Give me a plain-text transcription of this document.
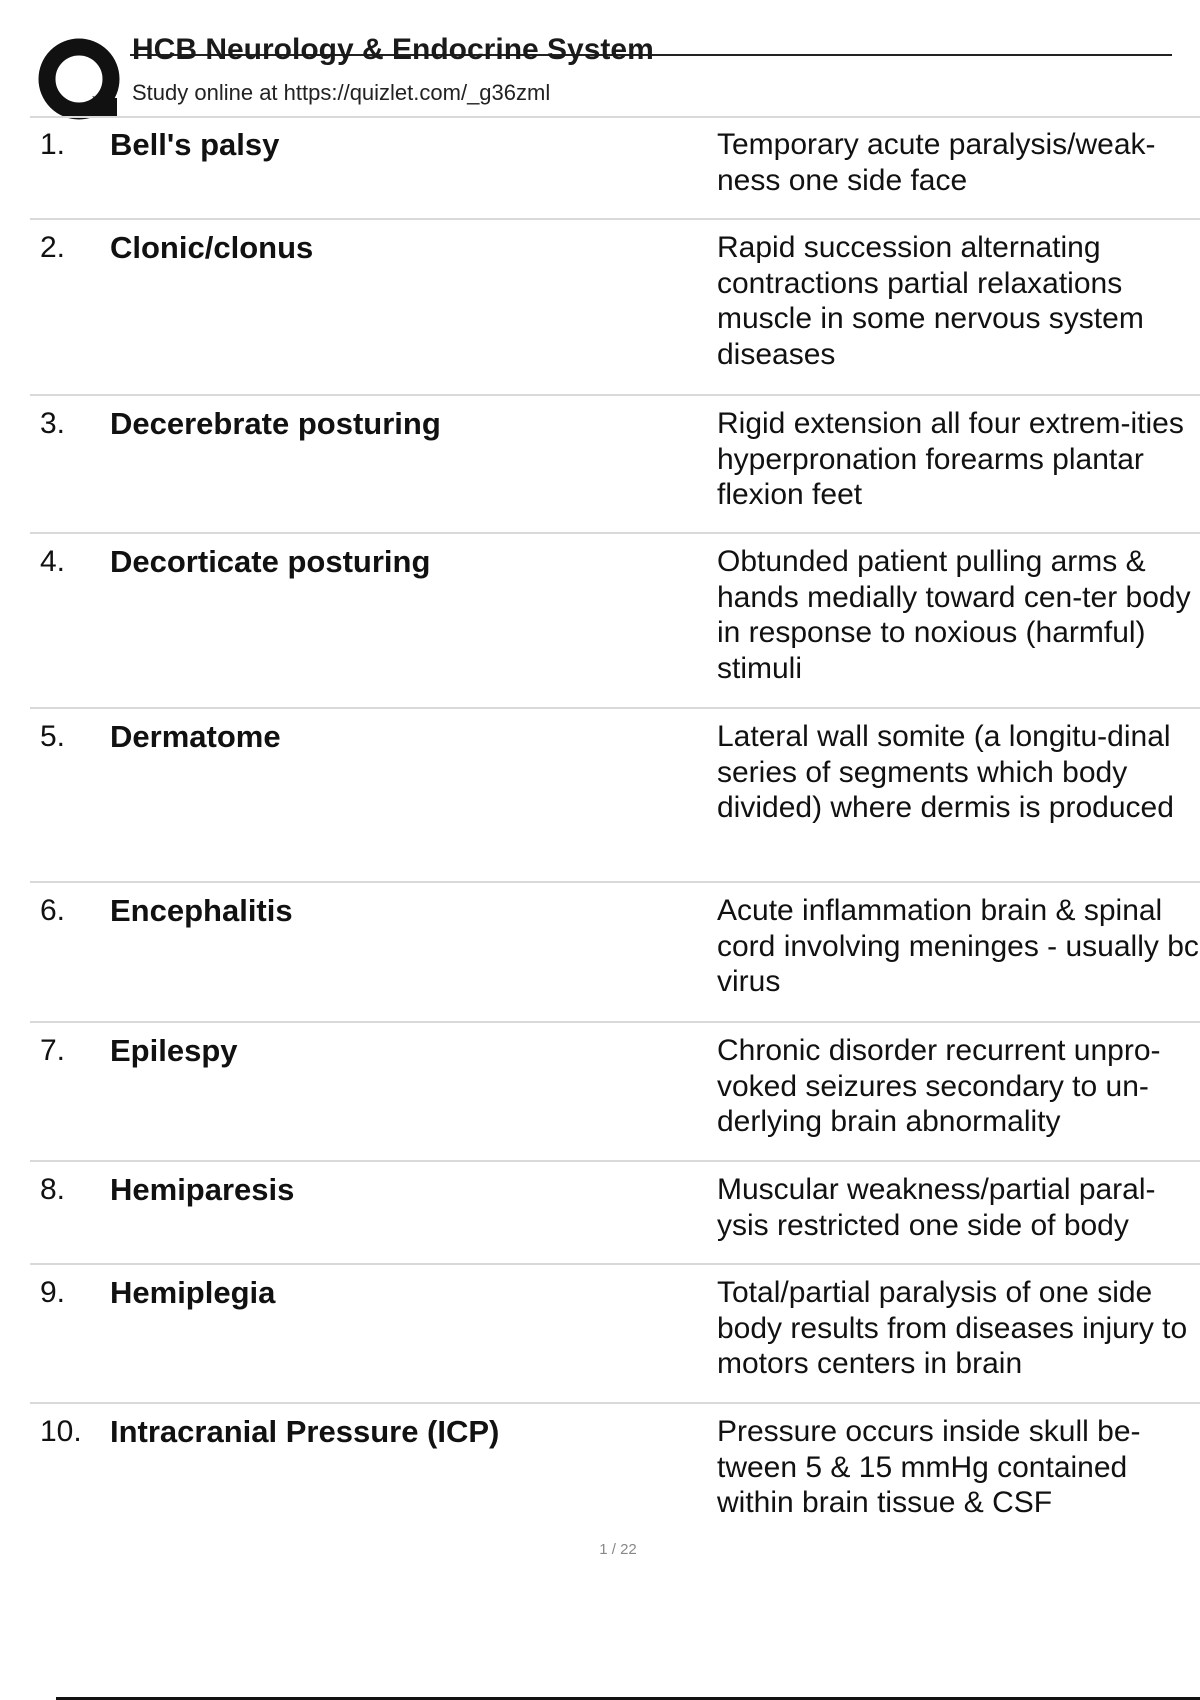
HCB Neurology & Endocrine System
Study online at https://quizlet.com/_g36zml
1. Bell's palsy	Temporary acute paralysis/weak-ness one side face
2. Clonic/clonus	Rapid succession alternating contractions partial relaxations muscle in some nervous system diseases
3. Decerebrate posturing	Rigid extension all four extrem-ities hyperpronation forearms plantar flexion feet
4. Decorticate posturing	Obtunded patient pulling arms & hands medially toward cen-ter body in response to noxious (harmful) stimuli
5. Dermatome	Lateral wall somite (a longitu-dinal series of segments which body divided) where dermis is produced
6. Encephalitis	Acute inflammation brain & spinal cord involving meninges - usually bc virus
7. Epilespy	Chronic disorder recurrent unpro-voked seizures secondary to un-derlying brain abnormality
8. Hemiparesis	Muscular weakness/partial paral-ysis restricted one side of body
9. Hemiplegia	Total/partial paralysis of one side body results from diseases injury to motors centers in brain
10. Intracranial Pressure (ICP)	Pressure occurs inside skull be-tween 5 & 15 mmHg contained within brain tissue & CSF
1 / 22
